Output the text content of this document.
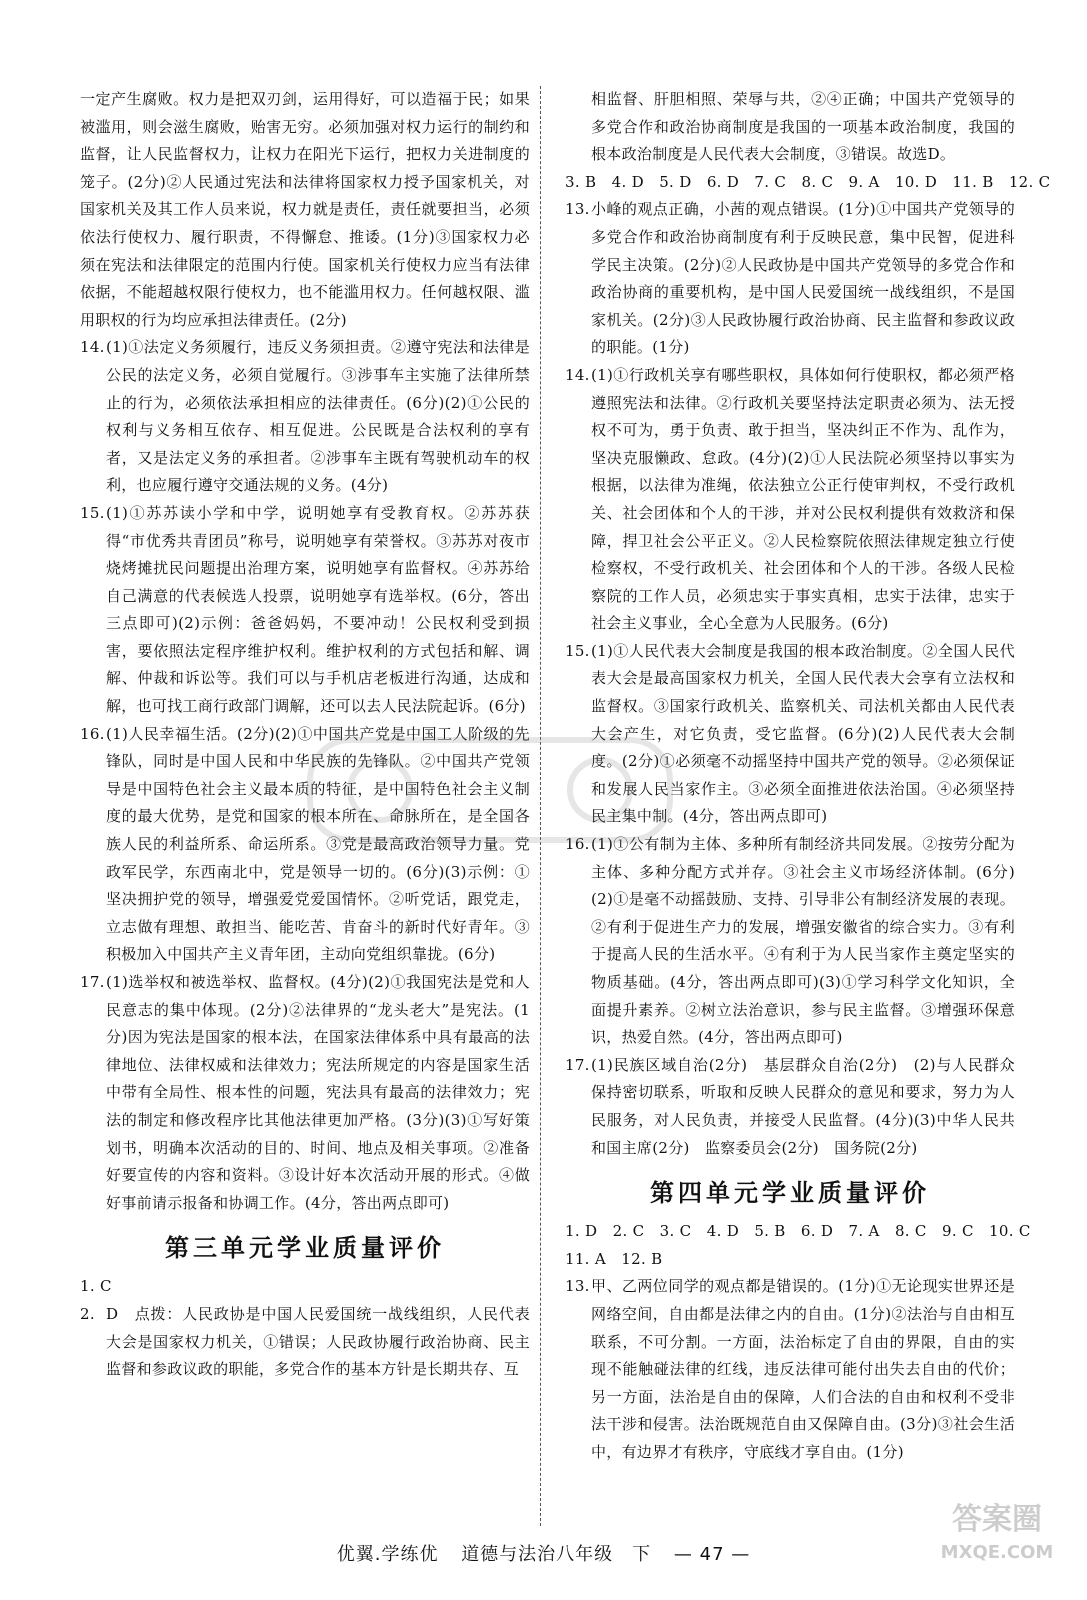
一定产生腐败。权力是把双刃剑，运用得好，可以造福于民；如果被滥用，则会滋生腐败，贻害无穷。必须加强对权力运行的制约和监督，让人民监督权力，让权力在阳光下运行，把权力关进制度的笼子。(2分)②人民通过宪法和法律将国家权力授予国家机关，对国家机关及其工作人员来说，权力就是责任，责任就要担当，必须依法行使权力、履行职责，不得懈怠、推诿。(1分)③国家权力必须在宪法和法律限定的范围内行使。国家机关行使权力应当有法律依据，不能超越权限行使权力，也不能滥用权力。任何越权限、滥用职权的行为均应承担法律责任。(2分)
14. (1)①法定义务须履行，违反义务须担责。②遵守宪法和法律是公民的法定义务，必须自觉履行。③涉事车主实施了法律所禁止的行为，必须依法承担相应的法律责任。(6分)(2)①公民的权利与义务相互依存、相互促进。公民既是合法权利的享有者，又是法定义务的承担者。②涉事车主既有驾驶机动车的权利，也应履行遵守交通法规的义务。(4分)
15. (1)①苏苏读小学和中学，说明她享有受教育权。②苏苏获得“市优秀共青团员”称号，说明她享有荣誉权。③苏苏对夜市烧烤摊扰民问题提出治理方案，说明她享有监督权。④苏苏给自己满意的代表候选人投票，说明她享有选举权。(6分，答出三点即可)(2)示例：爸爸妈妈，不要冲动！公民权利受到损害，要依照法定程序维护权利。维护权利的方式包括和解、调解、仲裁和诉讼等。我们可以与手机店老板进行沟通，达成和解，也可找工商行政部门调解，还可以去人民法院起诉。(6分)
16. (1)人民幸福生活。(2分)(2)①中国共产党是中国工人阶级的先锋队，同时是中国人民和中华民族的先锋队。②中国共产党领导是中国特色社会主义最本质的特征，是中国特色社会主义制度的最大优势，是党和国家的根本所在、命脉所在，是全国各族人民的利益所系、命运所系。③党是最高政治领导力量。党政军民学，东西南北中，党是领导一切的。(6分)(3)示例：①坚决拥护党的领导，增强爱党爱国情怀。②听党话，跟党走，立志做有理想、敢担当、能吃苦、肯奋斗的新时代好青年。③积极加入中国共产主义青年团，主动向党组织靠拢。(6分)
17. (1)选举权和被选举权、监督权。(4分)(2)①我国宪法是党和人民意志的集中体现。(2分)②法律界的“龙头老大”是宪法。(1分)因为宪法是国家的根本法，在国家法律体系中具有最高的法律地位、法律权威和法律效力；宪法所规定的内容是国家生活中带有全局性、根本性的问题，宪法具有最高的法律效力；宪法的制定和修改程序比其他法律更加严格。(3分)(3)①写好策划书，明确本次活动的目的、时间、地点及相关事项。②准备好要宣传的内容和资料。③设计好本次活动开展的形式。④做好事前请示报备和协调工作。(4分，答出两点即可)
第三单元学业质量评价
1. C
2. D　点拨：人民政协是中国人民爱国统一战线组织，人民代表大会是国家权力机关，①错误；人民政协履行政治协商、民主监督和参政议政的职能，多党合作的基本方针是长期共存、互
相监督、肝胆相照、荣辱与共，②④正确；中国共产党领导的多党合作和政治协商制度是我国的一项基本政治制度，我国的根本政治制度是人民代表大会制度，③错误。故选D。
3. B　4. D　5. D　6. D　7. C　8. C　9. A　10. D　11. B　12. C
13. 小峰的观点正确，小茜的观点错误。(1分)①中国共产党领导的多党合作和政治协商制度有利于反映民意，集中民智，促进科学民主决策。(2分)②人民政协是中国共产党领导的多党合作和政治协商的重要机构，是中国人民爱国统一战线组织，不是国家机关。(2分)③人民政协履行政治协商、民主监督和参政议政的职能。(1分)
14. (1)①行政机关享有哪些职权，具体如何行使职权，都必须严格遵照宪法和法律。②行政机关要坚持法定职责必须为、法无授权不可为，勇于负责、敢于担当，坚决纠正不作为、乱作为，坚决克服懒政、怠政。(4分)(2)①人民法院必须坚持以事实为根据，以法律为准绳，依法独立公正行使审判权，不受行政机关、社会团体和个人的干涉，并对公民权利提供有效救济和保障，捍卫社会公平正义。②人民检察院依照法律规定独立行使检察权，不受行政机关、社会团体和个人的干涉。各级人民检察院的工作人员，必须忠实于事实真相，忠实于法律，忠实于社会主义事业，全心全意为人民服务。(6分)
15. (1)①人民代表大会制度是我国的根本政治制度。②全国人民代表大会是最高国家权力机关，全国人民代表大会享有立法权和监督权。③国家行政机关、监察机关、司法机关都由人民代表大会产生，对它负责，受它监督。(6分)(2)人民代表大会制度。(2分)①必须毫不动摇坚持中国共产党的领导。②必须保证和发展人民当家作主。③必须全面推进依法治国。④必须坚持民主集中制。(4分，答出两点即可)
16. (1)①公有制为主体、多种所有制经济共同发展。②按劳分配为主体、多种分配方式并存。③社会主义市场经济体制。(6分)(2)①是毫不动摇鼓励、支持、引导非公有制经济发展的表现。②有利于促进生产力的发展，增强安徽省的综合实力。③有利于提高人民的生活水平。④有利于为人民当家作主奠定坚实的物质基础。(4分，答出两点即可)(3)①学习科学文化知识，全面提升素养。②树立法治意识，参与民主监督。③增强环保意识，热爱自然。(4分，答出两点即可)
17. (1)民族区域自治(2分)　基层群众自治(2分)　(2)与人民群众保持密切联系，听取和反映人民群众的意见和要求，努力为人民服务，对人民负责，并接受人民监督。(4分)(3)中华人民共和国主席(2分)　监察委员会(2分)　国务院(2分)
第四单元学业质量评价
1. D　2. C　3. C　4. D　5. B　6. D　7. A　8. C　9. C　10. C
11. A　12. B
13. 甲、乙两位同学的观点都是错误的。(1分)①无论现实世界还是网络空间，自由都是法律之内的自由。(1分)②法治与自由相互联系，不可分割。一方面，法治标定了自由的界限，自由的实现不能触碰法律的红线，违反法律可能付出失去自由的代价；另一方面，法治是自由的保障，人们合法的自由和权利不受非法干涉和侵害。法治既规范自由又保障自由。(3分)③社会生活中，有边界才有秩序，守底线才享自由。(1分)
答案圈
MXQE.COM
优翼.学练优 道德与法治八年级　下 — 47 —
